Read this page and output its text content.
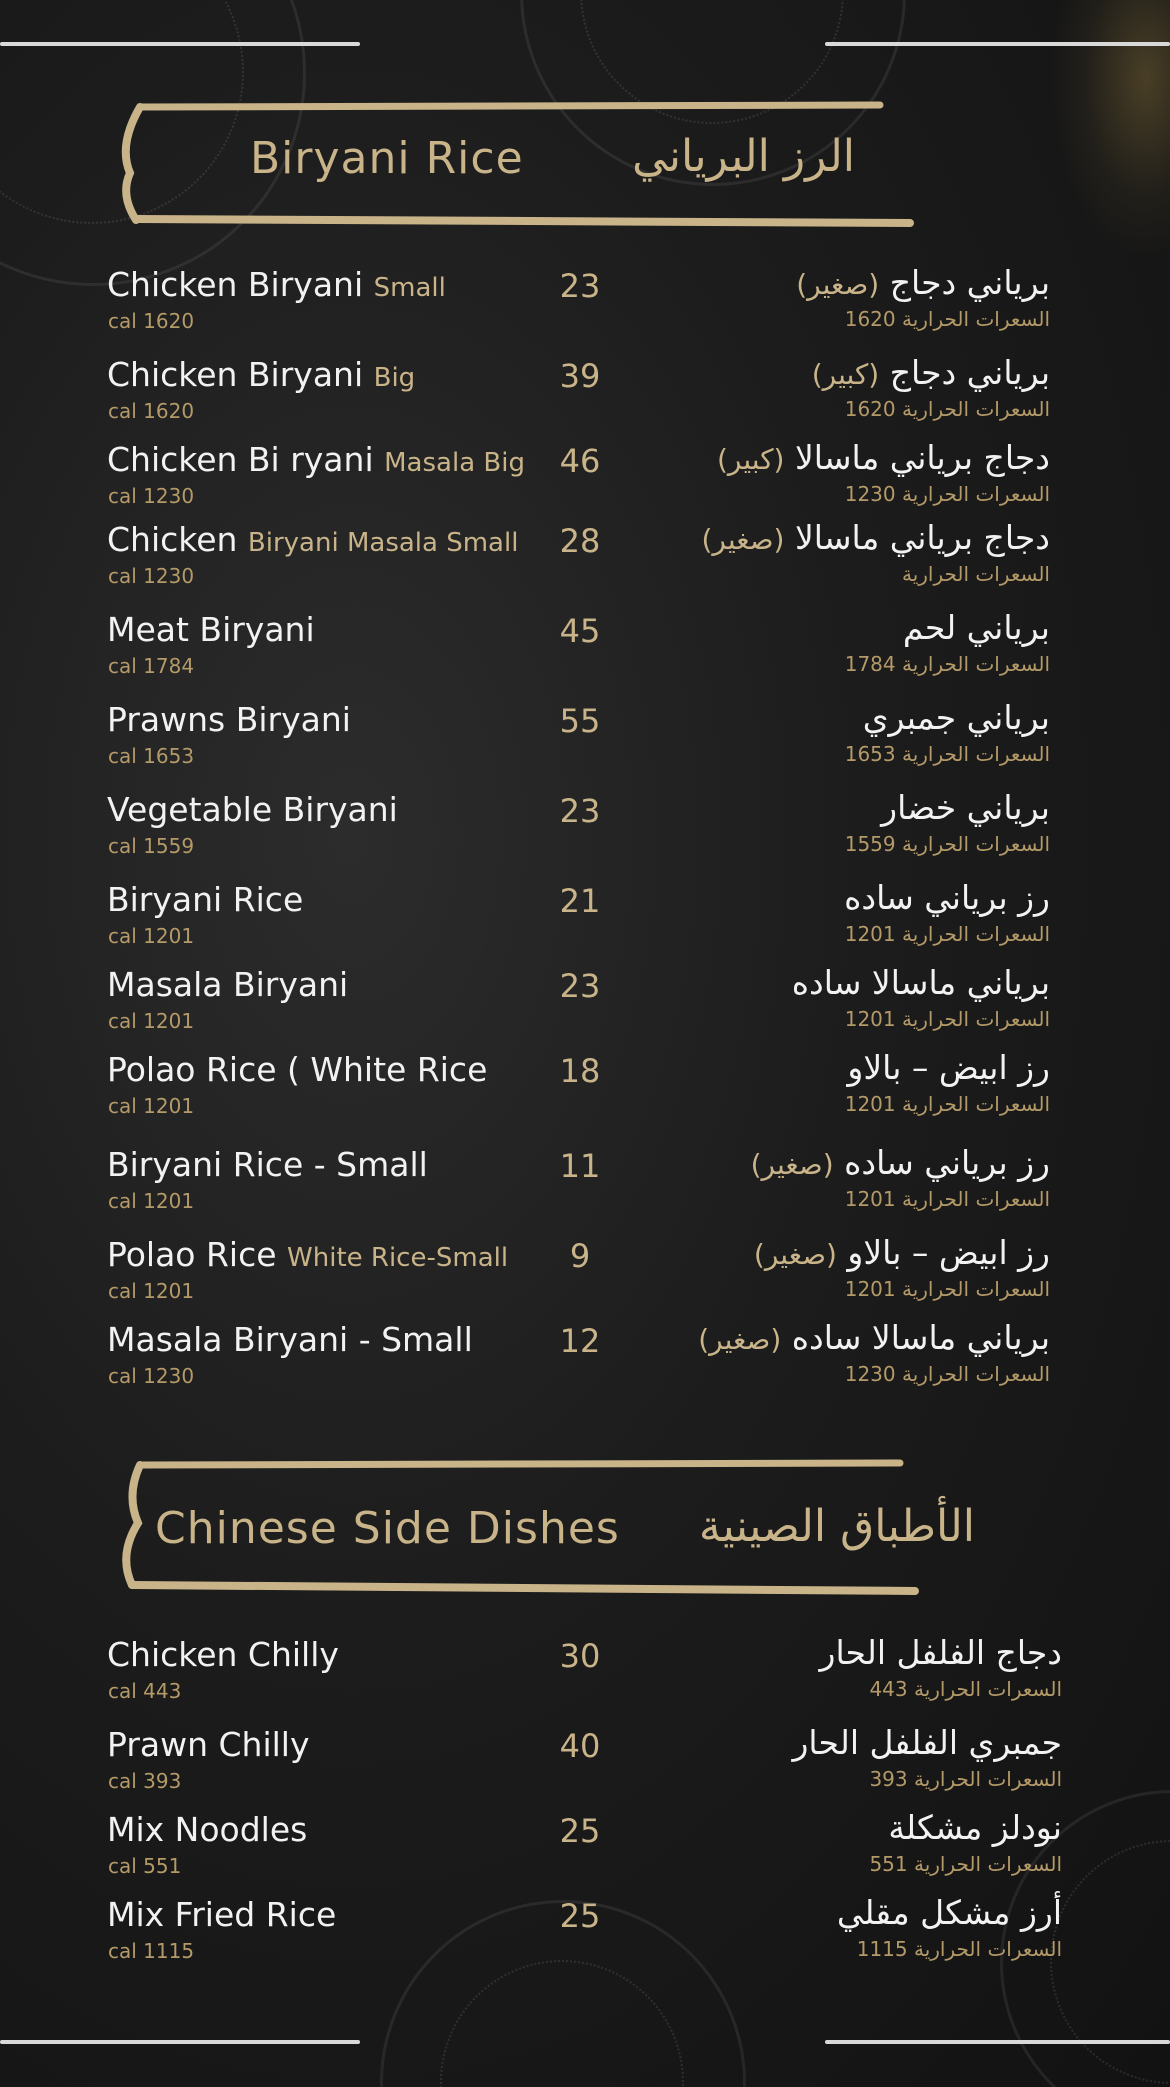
Biryani Rice الرز البرياني
Chicken Biryani Small
cal 1620
23	برياني دجاج (صغير)
السعرات الحرارية 1620
Chicken Biryani Big
cal 1620
39	برياني دجاج (كبير)
السعرات الحرارية 1620
Chicken Bi ryani Masala Big
cal 1230
46	دجاج برياني ماسالا (كبير)
السعرات الحرارية 1230
Chicken Biryani Masala Small
cal 1230
28	دجاج برياني ماسالا (صغير)
السعرات الحرارية
Meat Biryani
cal 1784
45	برياني لحم
السعرات الحرارية 1784
Prawns Biryani
cal 1653
55	برياني جمبري
السعرات الحرارية 1653
Vegetable Biryani
cal 1559
23	برياني خضار
السعرات الحرارية 1559
Biryani Rice
cal 1201
21	رز برياني ساده
السعرات الحرارية 1201
Masala Biryani
cal 1201
23	برياني ماسالا ساده
السعرات الحرارية 1201
Polao Rice ( White Rice
cal 1201
18	رز ابيض – بالاو
السعرات الحرارية 1201
Biryani Rice - Small
cal 1201
11	رز برياني ساده (صغير)
السعرات الحرارية 1201
Polao Rice White Rice-Small
cal 1201
9	رز ابيض – بالاو (صغير)
السعرات الحرارية 1201
Masala Biryani - Small
cal 1230
12	برياني ماسالا ساده (صغير)
السعرات الحرارية 1230
Chinese Side Dishes الأطباق الصينية
Chicken Chilly
cal 443
30	دجاج الفلفل الحار
السعرات الحرارية 443
Prawn Chilly
cal 393
40	جمبري الفلفل الحار
السعرات الحرارية 393
Mix Noodles
cal 551
25	نودلز مشكلة
السعرات الحرارية 551
Mix Fried Rice
cal 1115
25	أرز مشكل مقلي
السعرات الحرارية 1115
